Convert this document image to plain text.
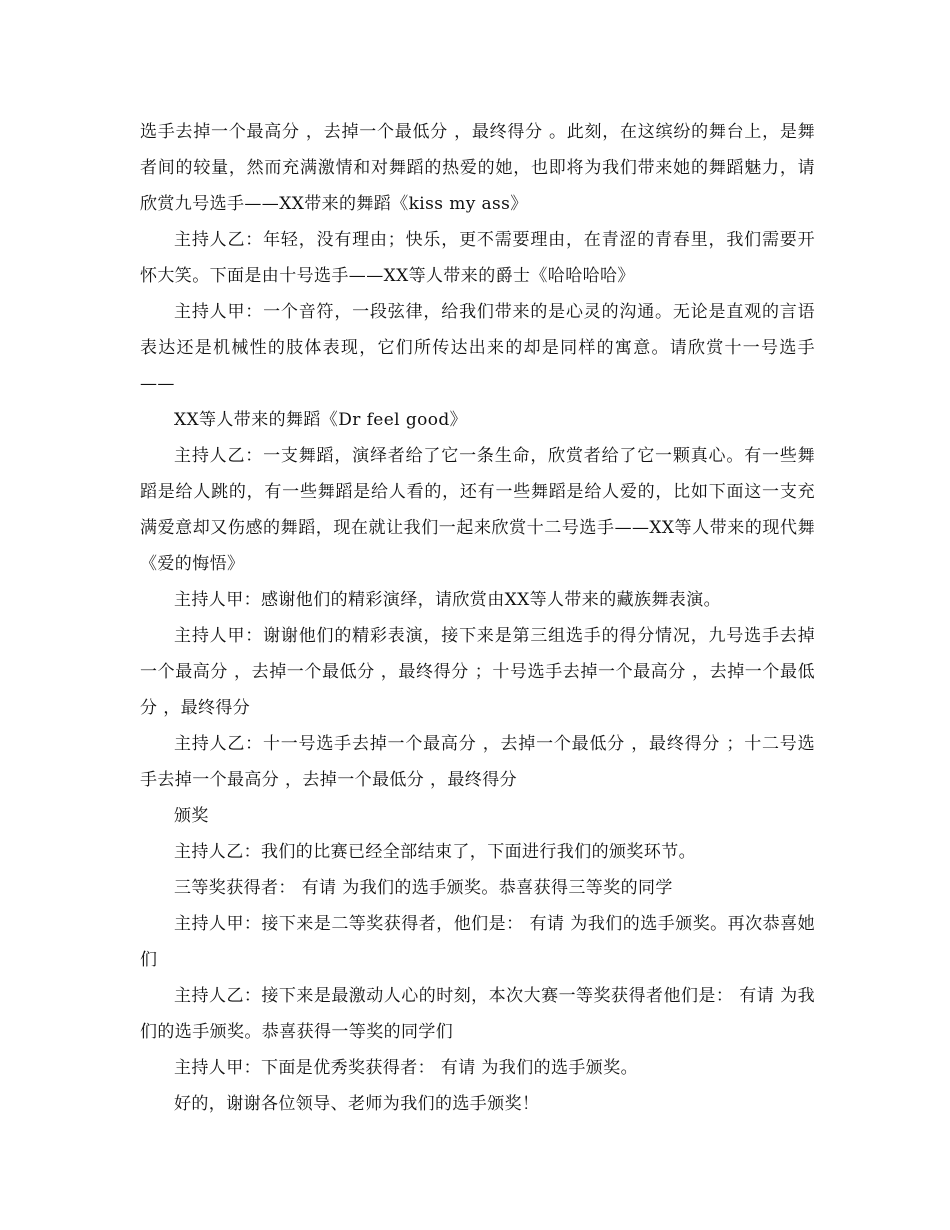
选手去掉一个最高分 ，去掉一个最低分 ，最终得分 。此刻，在这缤纷的舞台上，是舞者间的较量，然而充满激情和对舞蹈的热爱的她，也即将为我们带来她的舞蹈魅力，请欣赏九号选手——XX带来的舞蹈《kiss my ass》

主持人乙：年轻，没有理由；快乐，更不需要理由，在青涩的青春里，我们需要开怀大笑。下面是由十号选手——XX等人带来的爵士《哈哈哈哈》

主持人甲：一个音符，一段弦律，给我们带来的是心灵的沟通。无论是直观的言语表达还是机械性的肢体表现，它们所传达出来的却是同样的寓意。请欣赏十一号选手——

XX等人带来的舞蹈《Dr feel good》

主持人乙：一支舞蹈，演绎者给了它一条生命，欣赏者给了它一颗真心。有一些舞蹈是给人跳的，有一些舞蹈是给人看的，还有一些舞蹈是给人爱的，比如下面这一支充满爱意却又伤感的舞蹈，现在就让我们一起来欣赏十二号选手——XX等人带来的现代舞《爱的悔悟》

主持人甲：感谢他们的精彩演绎，请欣赏由XX等人带来的藏族舞表演。

主持人甲：谢谢他们的精彩表演，接下来是第三组选手的得分情况，九号选手去掉一个最高分 ，去掉一个最低分 ，最终得分 ；十号选手去掉一个最高分 ，去掉一个最低分 ，最终得分

主持人乙：十一号选手去掉一个最高分 ，去掉一个最低分 ，最终得分 ；十二号选手去掉一个最高分 ，去掉一个最低分 ，最终得分

颁奖

主持人乙：我们的比赛已经全部结束了，下面进行我们的颁奖环节。

三等奖获得者： 有请 为我们的选手颁奖。恭喜获得三等奖的同学

主持人甲：接下来是二等奖获得者，他们是： 有请 为我们的选手颁奖。再次恭喜她们

主持人乙：接下来是最激动人心的时刻，本次大赛一等奖获得者他们是： 有请 为我们的选手颁奖。恭喜获得一等奖的同学们

主持人甲：下面是优秀奖获得者： 有请 为我们的选手颁奖。

好的，谢谢各位领导、老师为我们的选手颁奖！
